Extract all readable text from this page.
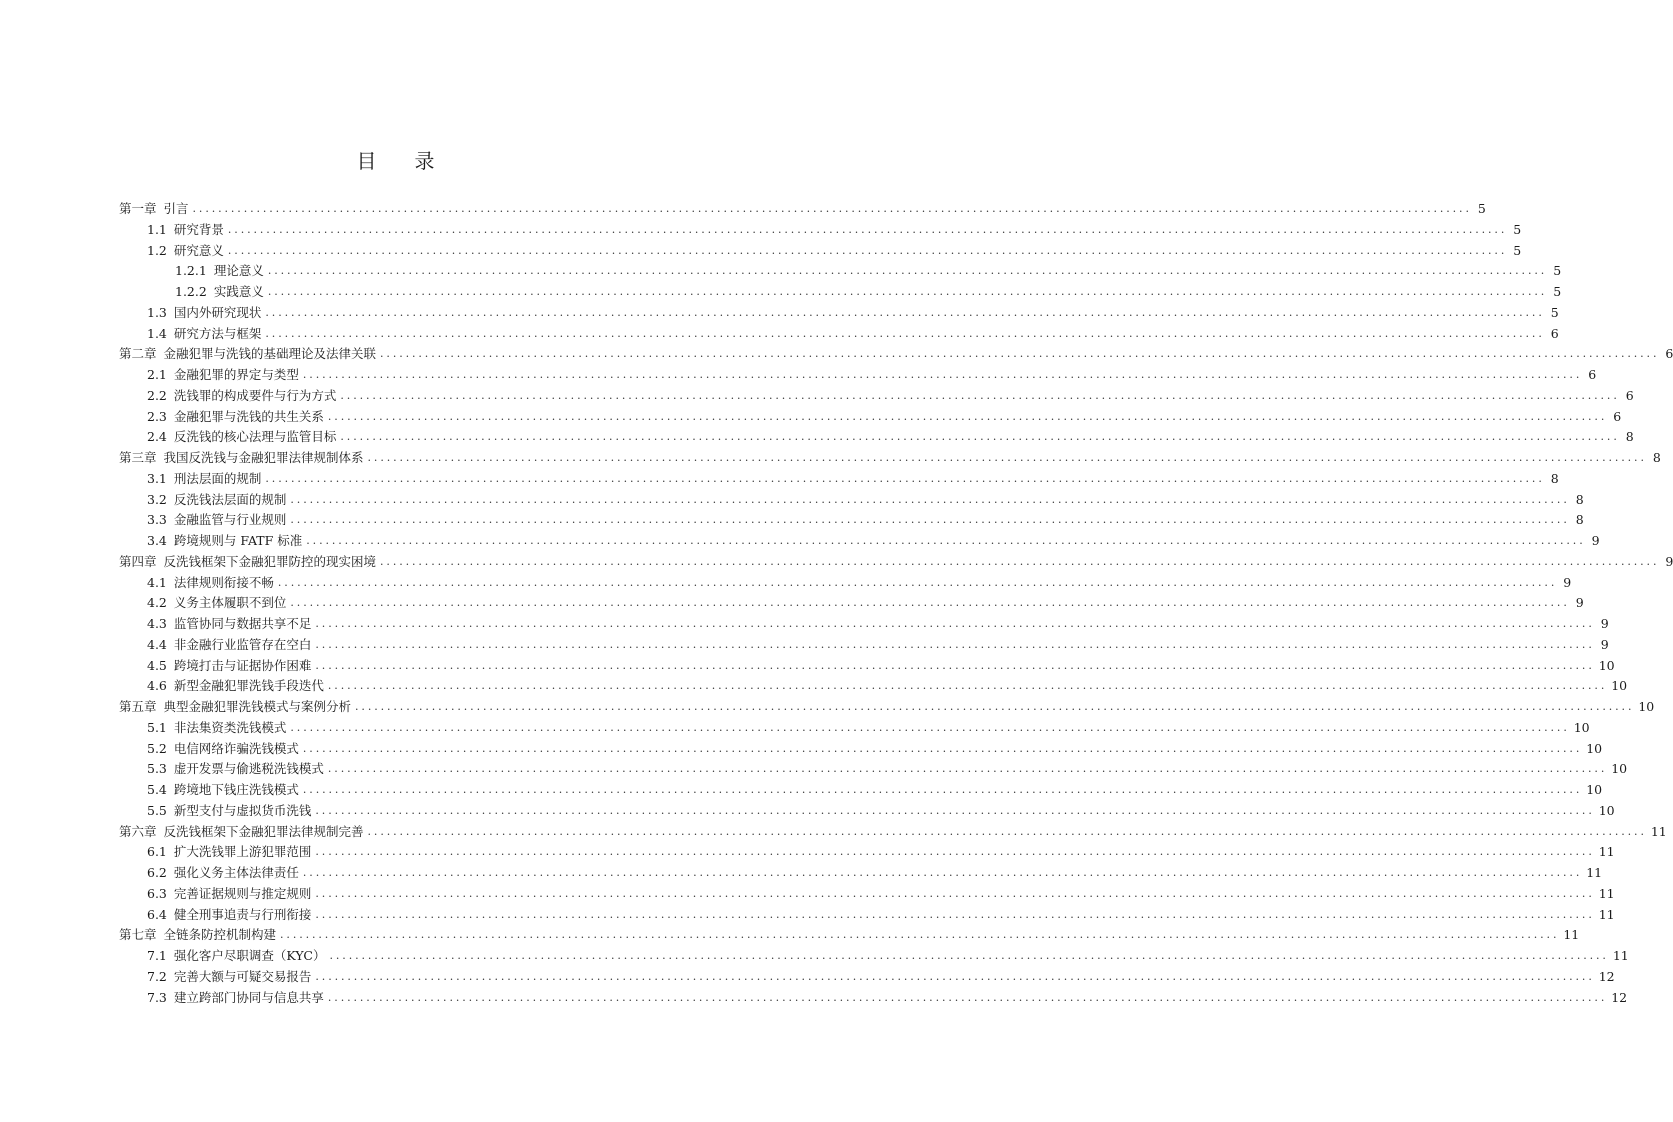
目 录
第一章 引言 ........................................................................................................................................................................................................ 5
1.1 研究背景 ........................................................................................................................................................................................................ 5
1.2 研究意义 ........................................................................................................................................................................................................ 5
1.2.1 理论意义 ........................................................................................................................................................................................................ 5
1.2.2 实践意义 ........................................................................................................................................................................................................ 5
1.3 国内外研究现状 ........................................................................................................................................................................................................ 5
1.4 研究方法与框架 ........................................................................................................................................................................................................ 6
第二章 金融犯罪与洗钱的基础理论及法律关联 ........................................................................................................................................................................................................ 6
2.1 金融犯罪的界定与类型 ........................................................................................................................................................................................................ 6
2.2 洗钱罪的构成要件与行为方式 ........................................................................................................................................................................................................ 6
2.3 金融犯罪与洗钱的共生关系 ........................................................................................................................................................................................................ 6
2.4 反洗钱的核心法理与监管目标 ........................................................................................................................................................................................................ 8
第三章 我国反洗钱与金融犯罪法律规制体系 ........................................................................................................................................................................................................ 8
3.1 刑法层面的规制 ........................................................................................................................................................................................................ 8
3.2 反洗钱法层面的规制 ........................................................................................................................................................................................................ 8
3.3 金融监管与行业规则 ........................................................................................................................................................................................................ 8
3.4 跨境规则与 FATF 标准 ........................................................................................................................................................................................................ 9
第四章 反洗钱框架下金融犯罪防控的现实困境 ........................................................................................................................................................................................................ 9
4.1 法律规则衔接不畅 ........................................................................................................................................................................................................ 9
4.2 义务主体履职不到位 ........................................................................................................................................................................................................ 9
4.3 监管协同与数据共享不足 ........................................................................................................................................................................................................ 9
4.4 非金融行业监管存在空白 ........................................................................................................................................................................................................ 9
4.5 跨境打击与证据协作困难 ........................................................................................................................................................................................................ 10
4.6 新型金融犯罪洗钱手段迭代 ........................................................................................................................................................................................................ 10
第五章 典型金融犯罪洗钱模式与案例分析 ........................................................................................................................................................................................................ 10
5.1 非法集资类洗钱模式 ........................................................................................................................................................................................................ 10
5.2 电信网络诈骗洗钱模式 ........................................................................................................................................................................................................ 10
5.3 虚开发票与偷逃税洗钱模式 ........................................................................................................................................................................................................ 10
5.4 跨境地下钱庄洗钱模式 ........................................................................................................................................................................................................ 10
5.5 新型支付与虚拟货币洗钱 ........................................................................................................................................................................................................ 10
第六章 反洗钱框架下金融犯罪法律规制完善 ........................................................................................................................................................................................................ 11
6.1 扩大洗钱罪上游犯罪范围 ........................................................................................................................................................................................................ 11
6.2 强化义务主体法律责任 ........................................................................................................................................................................................................ 11
6.3 完善证据规则与推定规则 ........................................................................................................................................................................................................ 11
6.4 健全刑事追责与行刑衔接 ........................................................................................................................................................................................................ 11
第七章 全链条防控机制构建 ........................................................................................................................................................................................................ 11
7.1 强化客户尽职调查（KYC） ........................................................................................................................................................................................................ 11
7.2 完善大额与可疑交易报告 ........................................................................................................................................................................................................ 12
7.3 建立跨部门协同与信息共享 ........................................................................................................................................................................................................ 12
